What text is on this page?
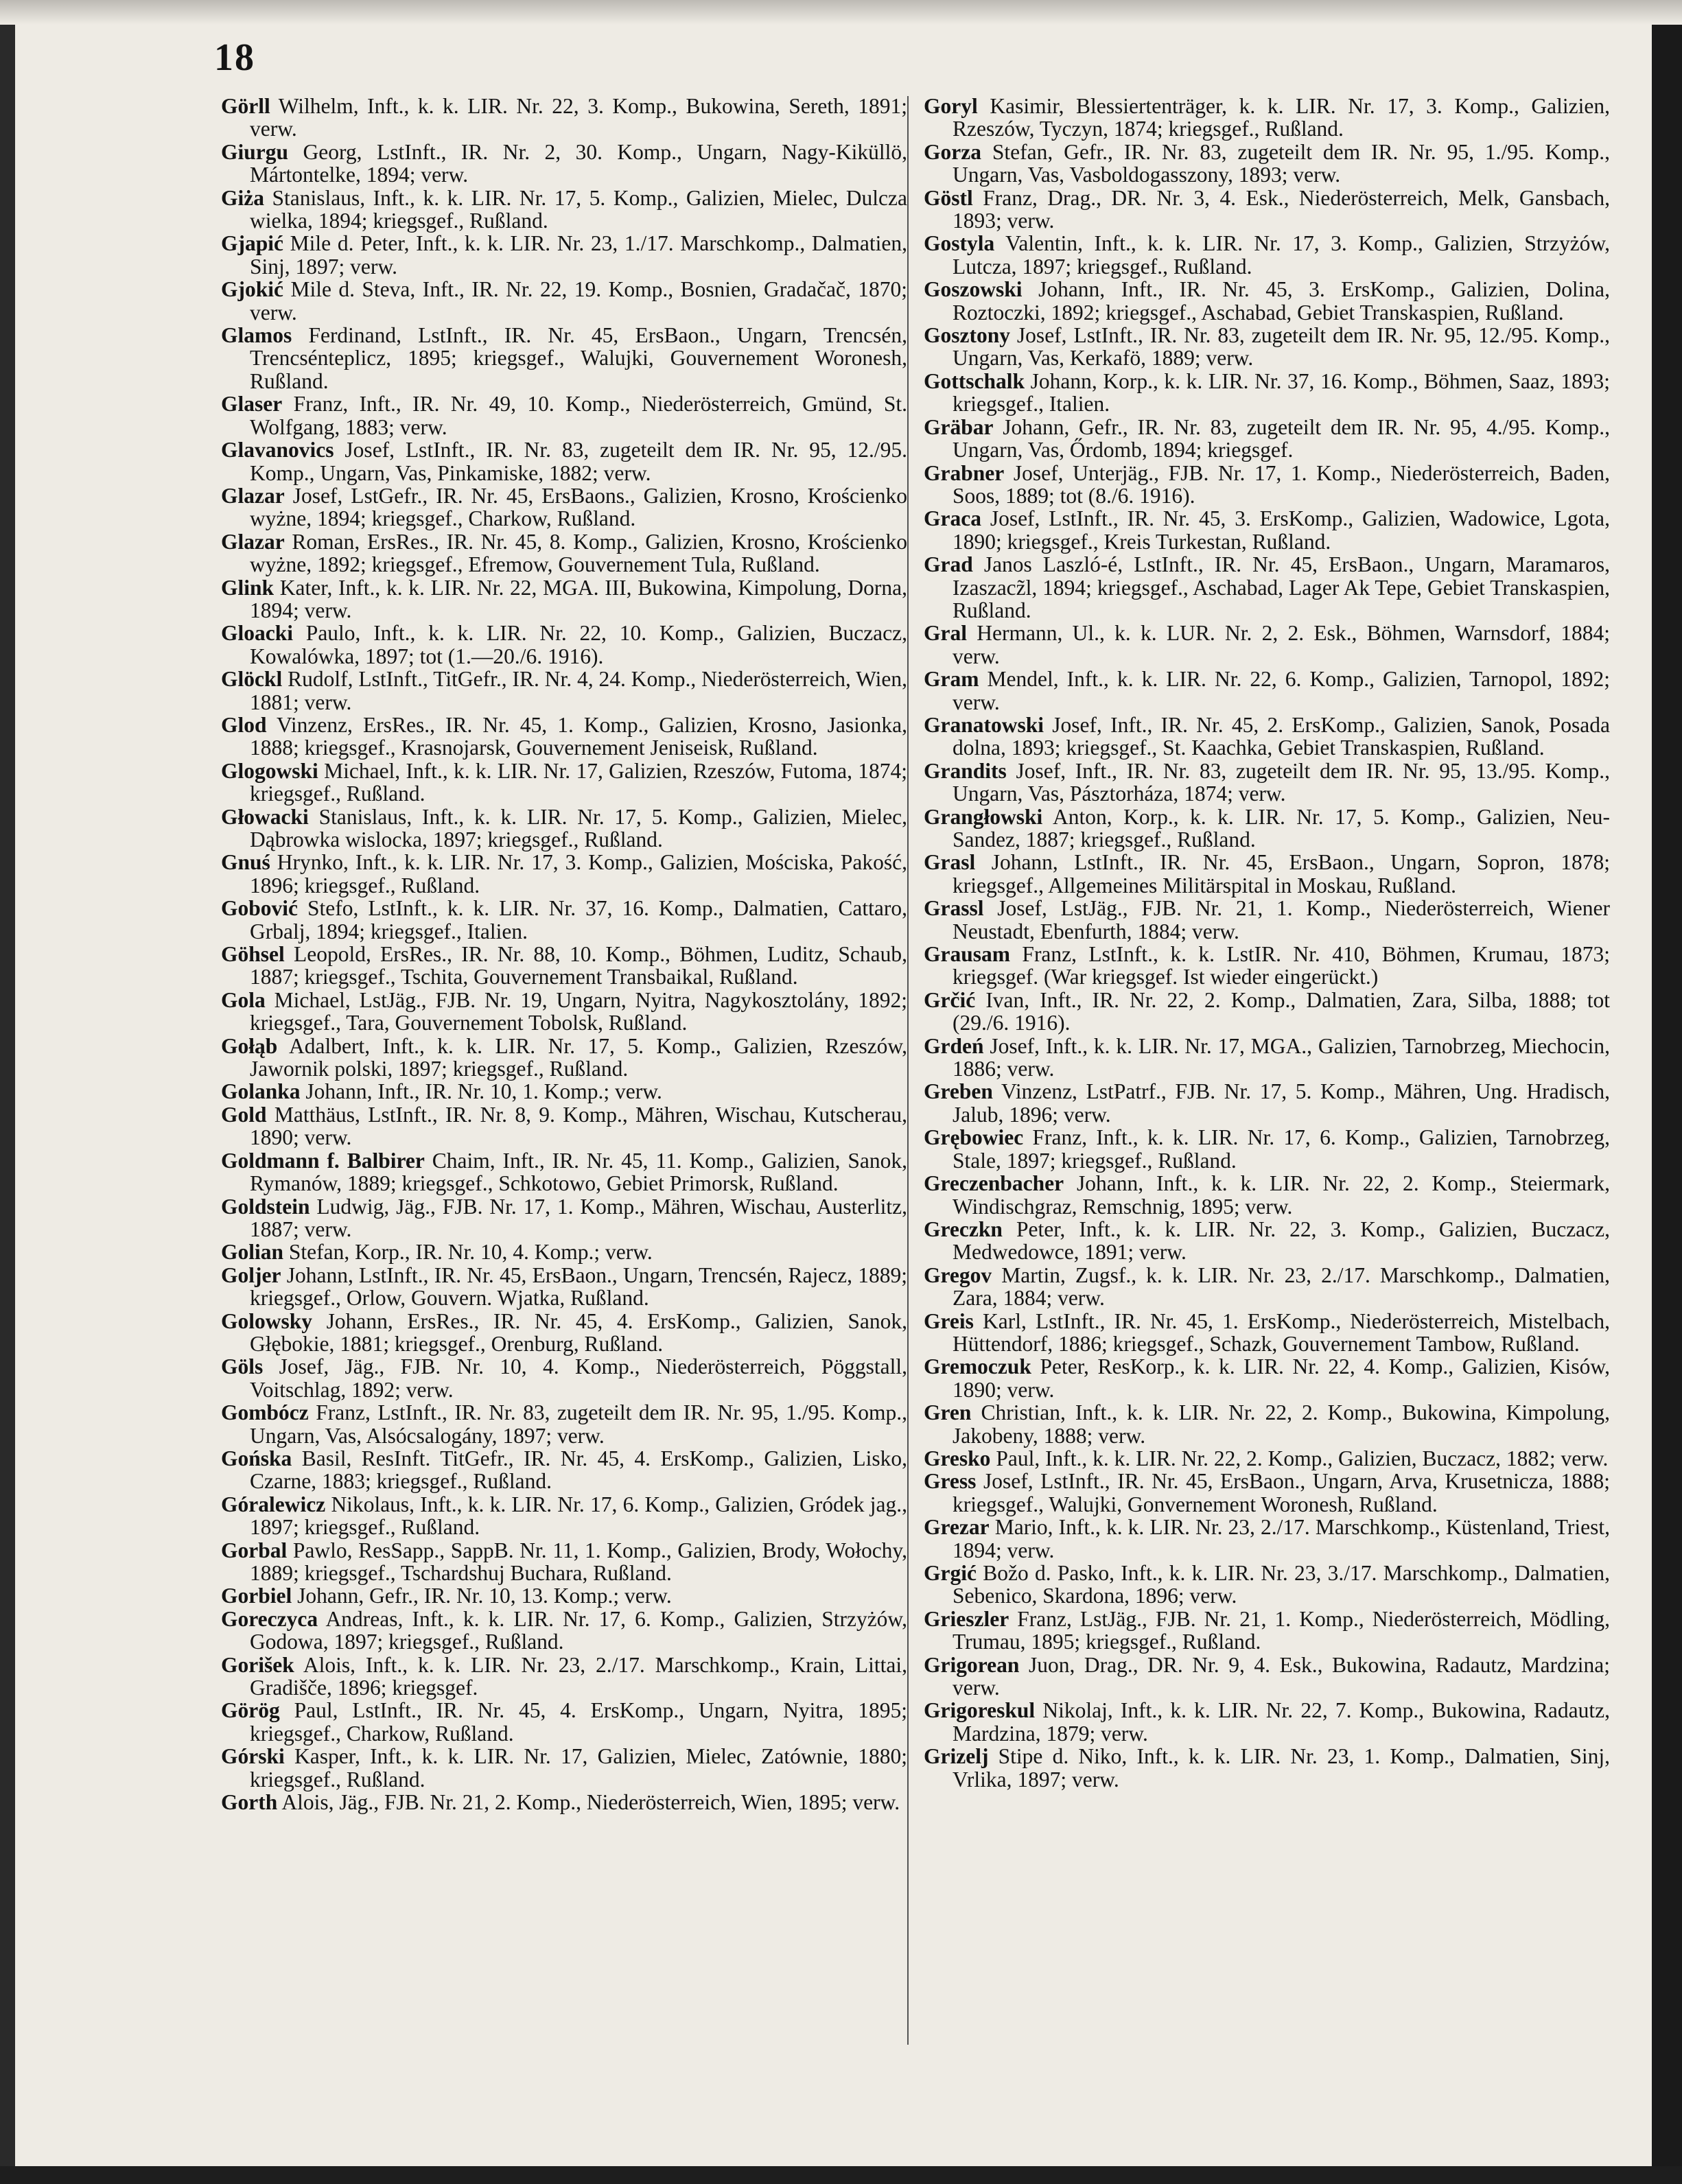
18

Görll Wilhelm, Inft., k. k. LIR. Nr. 22, 3. Komp., Bukowina, Sereth, 1891; verw.

Giurgu Georg, LstInft., IR. Nr. 2, 30. Komp., Ungarn, Nagy-Kiküllö, Mártontelke, 1894; verw.

Giża Stanislaus, Inft., k. k. LIR. Nr. 17, 5. Komp., Galizien, Mielec, Dulcza wielka, 1894; kriegsgef., Rußland.

Gjapić Mile d. Peter, Inft., k. k. LIR. Nr. 23, 1./17. Marschkomp., Dalmatien, Sinj, 1897; verw.

Gjokić Mile d. Steva, Inft., IR. Nr. 22, 19. Komp., Bosnien, Gradačač, 1870; verw.

Glamos Ferdinand, LstInft., IR. Nr. 45, ErsBaon., Ungarn, Trencsén, Trencsénteplicz, 1895; kriegsgef., Walujki, Gouvernement Woronesh, Rußland.

Glaser Franz, Inft., IR. Nr. 49, 10. Komp., Niederösterreich, Gmünd, St. Wolfgang, 1883; verw.

Glavanovics Josef, LstInft., IR. Nr. 83, zugeteilt dem IR. Nr. 95, 12./95. Komp., Ungarn, Vas, Pinkamiske, 1882; verw.

Glazar Josef, LstGefr., IR. Nr. 45, ErsBaons., Galizien, Krosno, Krościenko wyżne, 1894; kriegsgef., Charkow, Rußland.

Glazar Roman, ErsRes., IR. Nr. 45, 8. Komp., Galizien, Krosno, Krościenko wyżne, 1892; kriegsgef., Efremow, Gouvernement Tula, Rußland.

Glink Kater, Inft., k. k. LIR. Nr. 22, MGA. III, Bukowina, Kimpolung, Dorna, 1894; verw.

Gloacki Paulo, Inft., k. k. LIR. Nr. 22, 10. Komp., Galizien, Buczacz, Kowalówka, 1897; tot (1.—20./6. 1916).

Glöckl Rudolf, LstInft., TitGefr., IR. Nr. 4, 24. Komp., Niederösterreich, Wien, 1881; verw.

Glod Vinzenz, ErsRes., IR. Nr. 45, 1. Komp., Galizien, Krosno, Jasionka, 1888; kriegsgef., Krasnojarsk, Gouvernement Jeniseisk, Rußland.

Glogowski Michael, Inft., k. k. LIR. Nr. 17, Galizien, Rzeszów, Futoma, 1874; kriegsgef., Rußland.

Głowacki Stanislaus, Inft., k. k. LIR. Nr. 17, 5. Komp., Galizien, Mielec, Dąbrowka wislocka, 1897; kriegsgef., Rußland.

Gnuś Hrynko, Inft., k. k. LIR. Nr. 17, 3. Komp., Galizien, Mościska, Pakość, 1896; kriegsgef., Rußland.

Gobović Stefo, LstInft., k. k. LIR. Nr. 37, 16. Komp., Dalmatien, Cattaro, Grbalj, 1894; kriegsgef., Italien.

Göhsel Leopold, ErsRes., IR. Nr. 88, 10. Komp., Böhmen, Luditz, Schaub, 1887; kriegsgef., Tschita, Gouvernement Transbaikal, Rußland.

Gola Michael, LstJäg., FJB. Nr. 19, Ungarn, Nyitra, Nagykosztolány, 1892; kriegsgef., Tara, Gouvernement Tobolsk, Rußland.

Gołąb Adalbert, Inft., k. k. LIR. Nr. 17, 5. Komp., Galizien, Rzeszów, Jawornik polski, 1897; kriegsgef., Rußland.

Golanka Johann, Inft., IR. Nr. 10, 1. Komp.; verw.

Gold Matthäus, LstInft., IR. Nr. 8, 9. Komp., Mähren, Wischau, Kutscherau, 1890; verw.

Goldmann f. Balbirer Chaim, Inft., IR. Nr. 45, 11. Komp., Galizien, Sanok, Rymanów, 1889; kriegsgef., Schkotowo, Gebiet Primorsk, Rußland.

Goldstein Ludwig, Jäg., FJB. Nr. 17, 1. Komp., Mähren, Wischau, Austerlitz, 1887; verw.

Golian Stefan, Korp., IR. Nr. 10, 4. Komp.; verw.

Goljer Johann, LstInft., IR. Nr. 45, ErsBaon., Ungarn, Trencsén, Rajecz, 1889; kriegsgef., Orlow, Gouvern. Wjatka, Rußland.

Golowsky Johann, ErsRes., IR. Nr. 45, 4. ErsKomp., Galizien, Sanok, Głębokie, 1881; kriegsgef., Orenburg, Rußland.

Göls Josef, Jäg., FJB. Nr. 10, 4. Komp., Niederösterreich, Pöggstall, Voitschlag, 1892; verw.

Gombócz Franz, LstInft., IR. Nr. 83, zugeteilt dem IR. Nr. 95, 1./95. Komp., Ungarn, Vas, Alsócsalogány, 1897; verw.

Gońska Basil, ResInft. TitGefr., IR. Nr. 45, 4. ErsKomp., Galizien, Lisko, Czarne, 1883; kriegsgef., Rußland.

Góralewicz Nikolaus, Inft., k. k. LIR. Nr. 17, 6. Komp., Galizien, Gródek jag., 1897; kriegsgef., Rußland.

Gorbal Pawlo, ResSapp., SappB. Nr. 11, 1. Komp., Galizien, Brody, Wołochy, 1889; kriegsgef., Tschardshuj Buchara, Rußland.

Gorbiel Johann, Gefr., IR. Nr. 10, 13. Komp.; verw.

Goreczyca Andreas, Inft., k. k. LIR. Nr. 17, 6. Komp., Galizien, Strzyżów, Godowa, 1897; kriegsgef., Rußland.

Gorišek Alois, Inft., k. k. LIR. Nr. 23, 2./17. Marschkomp., Krain, Littai, Gradišče, 1896; kriegsgef.

Görög Paul, LstInft., IR. Nr. 45, 4. ErsKomp., Ungarn, Nyitra, 1895; kriegsgef., Charkow, Rußland.

Górski Kasper, Inft., k. k. LIR. Nr. 17, Galizien, Mielec, Zatównie, 1880; kriegsgef., Rußland.

Gorth Alois, Jäg., FJB. Nr. 21, 2. Komp., Niederösterreich, Wien, 1895; verw.

Goryl Kasimir, Blessiertenträger, k. k. LIR. Nr. 17, 3. Komp., Galizien, Rzeszów, Tyczyn, 1874; kriegsgef., Rußland.

Gorza Stefan, Gefr., IR. Nr. 83, zugeteilt dem IR. Nr. 95, 1./95. Komp., Ungarn, Vas, Vasboldogasszony, 1893; verw.

Göstl Franz, Drag., DR. Nr. 3, 4. Esk., Niederösterreich, Melk, Gansbach, 1893; verw.

Gostyla Valentin, Inft., k. k. LIR. Nr. 17, 3. Komp., Galizien, Strzyżów, Lutcza, 1897; kriegsgef., Rußland.

Goszowski Johann, Inft., IR. Nr. 45, 3. ErsKomp., Galizien, Dolina, Roztoczki, 1892; kriegsgef., Aschabad, Gebiet Transkaspien, Rußland.

Gosztony Josef, LstInft., IR. Nr. 83, zugeteilt dem IR. Nr. 95, 12./95. Komp., Ungarn, Vas, Kerkafö, 1889; verw.

Gottschalk Johann, Korp., k. k. LIR. Nr. 37, 16. Komp., Böhmen, Saaz, 1893; kriegsgef., Italien.

Gräbar Johann, Gefr., IR. Nr. 83, zugeteilt dem IR. Nr. 95, 4./95. Komp., Ungarn, Vas, Őrdomb, 1894; kriegsgef.

Grabner Josef, Unterjäg., FJB. Nr. 17, 1. Komp., Niederösterreich, Baden, Soos, 1889; tot (8./6. 1916).

Graca Josef, LstInft., IR. Nr. 45, 3. ErsKomp., Galizien, Wadowice, Lgota, 1890; kriegsgef., Kreis Turkestan, Rußland.

Grad Janos Laszló-é, LstInft., IR. Nr. 45, ErsBaon., Ungarn, Maramaros, Izaszacz̃l, 1894; kriegsgef., Aschabad, Lager Ak Tepe, Gebiet Transkaspien, Rußland.

Gral Hermann, Ul., k. k. LUR. Nr. 2, 2. Esk., Böhmen, Warnsdorf, 1884; verw.

Gram Mendel, Inft., k. k. LIR. Nr. 22, 6. Komp., Galizien, Tarnopol, 1892; verw.

Granatowski Josef, Inft., IR. Nr. 45, 2. ErsKomp., Galizien, Sanok, Posada dolna, 1893; kriegsgef., St. Kaachka, Gebiet Transkaspien, Rußland.

Grandits Josef, Inft., IR. Nr. 83, zugeteilt dem IR. Nr. 95, 13./95. Komp., Ungarn, Vas, Pásztorháza, 1874; verw.

Grangłowski Anton, Korp., k. k. LIR. Nr. 17, 5. Komp., Galizien, Neu-Sandez, 1887; kriegsgef., Rußland.

Grasl Johann, LstInft., IR. Nr. 45, ErsBaon., Ungarn, Sopron, 1878; kriegsgef., Allgemeines Militärspital in Moskau, Rußland.

Grassl Josef, LstJäg., FJB. Nr. 21, 1. Komp., Niederösterreich, Wiener Neustadt, Ebenfurth, 1884; verw.

Grausam Franz, LstInft., k. k. LstIR. Nr. 410, Böhmen, Krumau, 1873; kriegsgef. (War kriegsgef. Ist wieder eingerückt.)

Grčić Ivan, Inft., IR. Nr. 22, 2. Komp., Dalmatien, Zara, Silba, 1888; tot (29./6. 1916).

Grdeń Josef, Inft., k. k. LIR. Nr. 17, MGA., Galizien, Tarnobrzeg, Miechocin, 1886; verw.

Greben Vinzenz, LstPatrf., FJB. Nr. 17, 5. Komp., Mähren, Ung. Hradisch, Jalub, 1896; verw.

Grębowiec Franz, Inft., k. k. LIR. Nr. 17, 6. Komp., Galizien, Tarnobrzeg, Stale, 1897; kriegsgef., Rußland.

Greczenbacher Johann, Inft., k. k. LIR. Nr. 22, 2. Komp., Steiermark, Windischgraz, Remschnig, 1895; verw.

Greczkn Peter, Inft., k. k. LIR. Nr. 22, 3. Komp., Galizien, Buczacz, Medwedowce, 1891; verw.

Gregov Martin, Zugsf., k. k. LIR. Nr. 23, 2./17. Marschkomp., Dalmatien, Zara, 1884; verw.

Greis Karl, LstInft., IR. Nr. 45, 1. ErsKomp., Niederösterreich, Mistelbach, Hüttendorf, 1886; kriegsgef., Schazk, Gouvernement Tambow, Rußland.

Gremoczuk Peter, ResKorp., k. k. LIR. Nr. 22, 4. Komp., Galizien, Kisów, 1890; verw.

Gren Christian, Inft., k. k. LIR. Nr. 22, 2. Komp., Bukowina, Kimpolung, Jakobeny, 1888; verw.

Gresko Paul, Inft., k. k. LIR. Nr. 22, 2. Komp., Galizien, Buczacz, 1882; verw.

Gress Josef, LstInft., IR. Nr. 45, ErsBaon., Ungarn, Arva, Krusetnicza, 1888; kriegsgef., Walujki, Gonvernement Woronesh, Rußland.

Grezar Mario, Inft., k. k. LIR. Nr. 23, 2./17. Marschkomp., Küstenland, Triest, 1894; verw.

Grgić Božo d. Pasko, Inft., k. k. LIR. Nr. 23, 3./17. Marschkomp., Dalmatien, Sebenico, Skardona, 1896; verw.

Grieszler Franz, LstJäg., FJB. Nr. 21, 1. Komp., Niederösterreich, Mödling, Trumau, 1895; kriegsgef., Rußland.

Grigorean Juon, Drag., DR. Nr. 9, 4. Esk., Bukowina, Radautz, Mardzina; verw.

Grigoreskul Nikolaj, Inft., k. k. LIR. Nr. 22, 7. Komp., Bukowina, Radautz, Mardzina, 1879; verw.

Grizelj Stipe d. Niko, Inft., k. k. LIR. Nr. 23, 1. Komp., Dalmatien, Sinj, Vrlika, 1897; verw.
